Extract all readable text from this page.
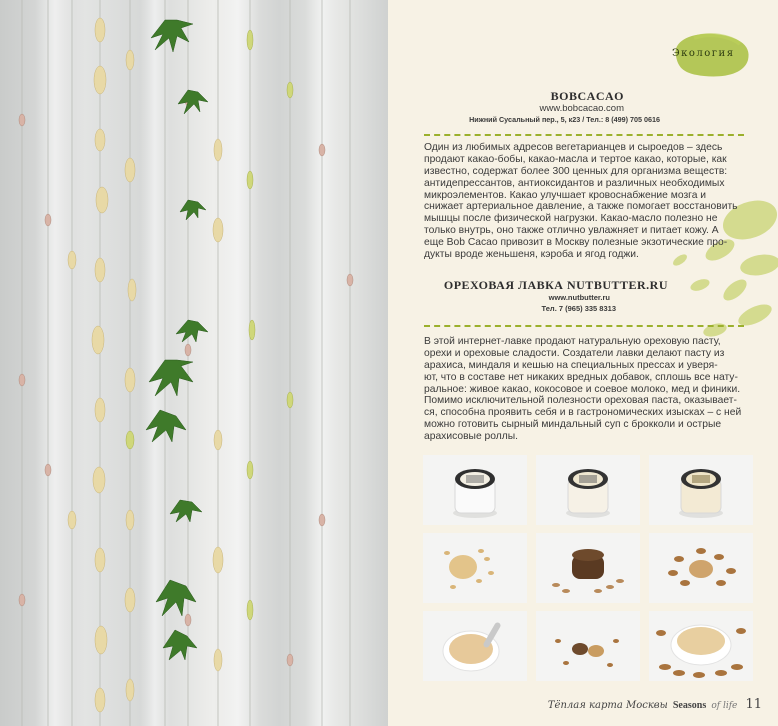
Экология
BOBCACAO
www.bobcacao.com
Нижний Сусальный пер., 5, к23 / Тел.: 8 (499) 705 0616
Один из любимых адресов вегетарианцев и сыроедов – здесь
продают какао-бобы, какао-масла и тертое какао, которые, как
известно, содержат более 300 ценных для организма веществ:
антидепрессантов, антиоксидантов и различных необходимых
микроэлементов. Какао улучшает кровоснабжение мозга и
снижает артериальное давление, а также помогает восстановить
мышцы после физической нагрузки. Какао-масло полезно не
только внутрь, оно также отлично увлажняет и питает кожу. А
еще Bob Cacao привозит в Москву полезные экзотические про-
дукты вроде женьшеня, кэроба и ягод годжи.
ОРЕХОВАЯ ЛАВКА NUTBUTTER.RU
www.nutbutter.ru
Тел. 7 (965) 335 8313
В этой интернет-лавке продают натуральную ореховую пасту,
орехи и ореховые сладости. Создатели лавки делают пасту из
арахиса, миндаля и кешью на специальных прессах и уверя-
ют, что в составе нет никаких вредных добавок, сплошь все нату-
ральное: живое какао, кокосовое и соевое молоко, мед и финики.
Помимо исключительной полезности ореховая паста, оказывает-
ся, способна проявить себя и в гастрономических изысках – с ней
можно готовить сырный миндальный суп с брокколи и острые
арахисовые роллы.
Тёплая карта Москвы Seasons of life 11
